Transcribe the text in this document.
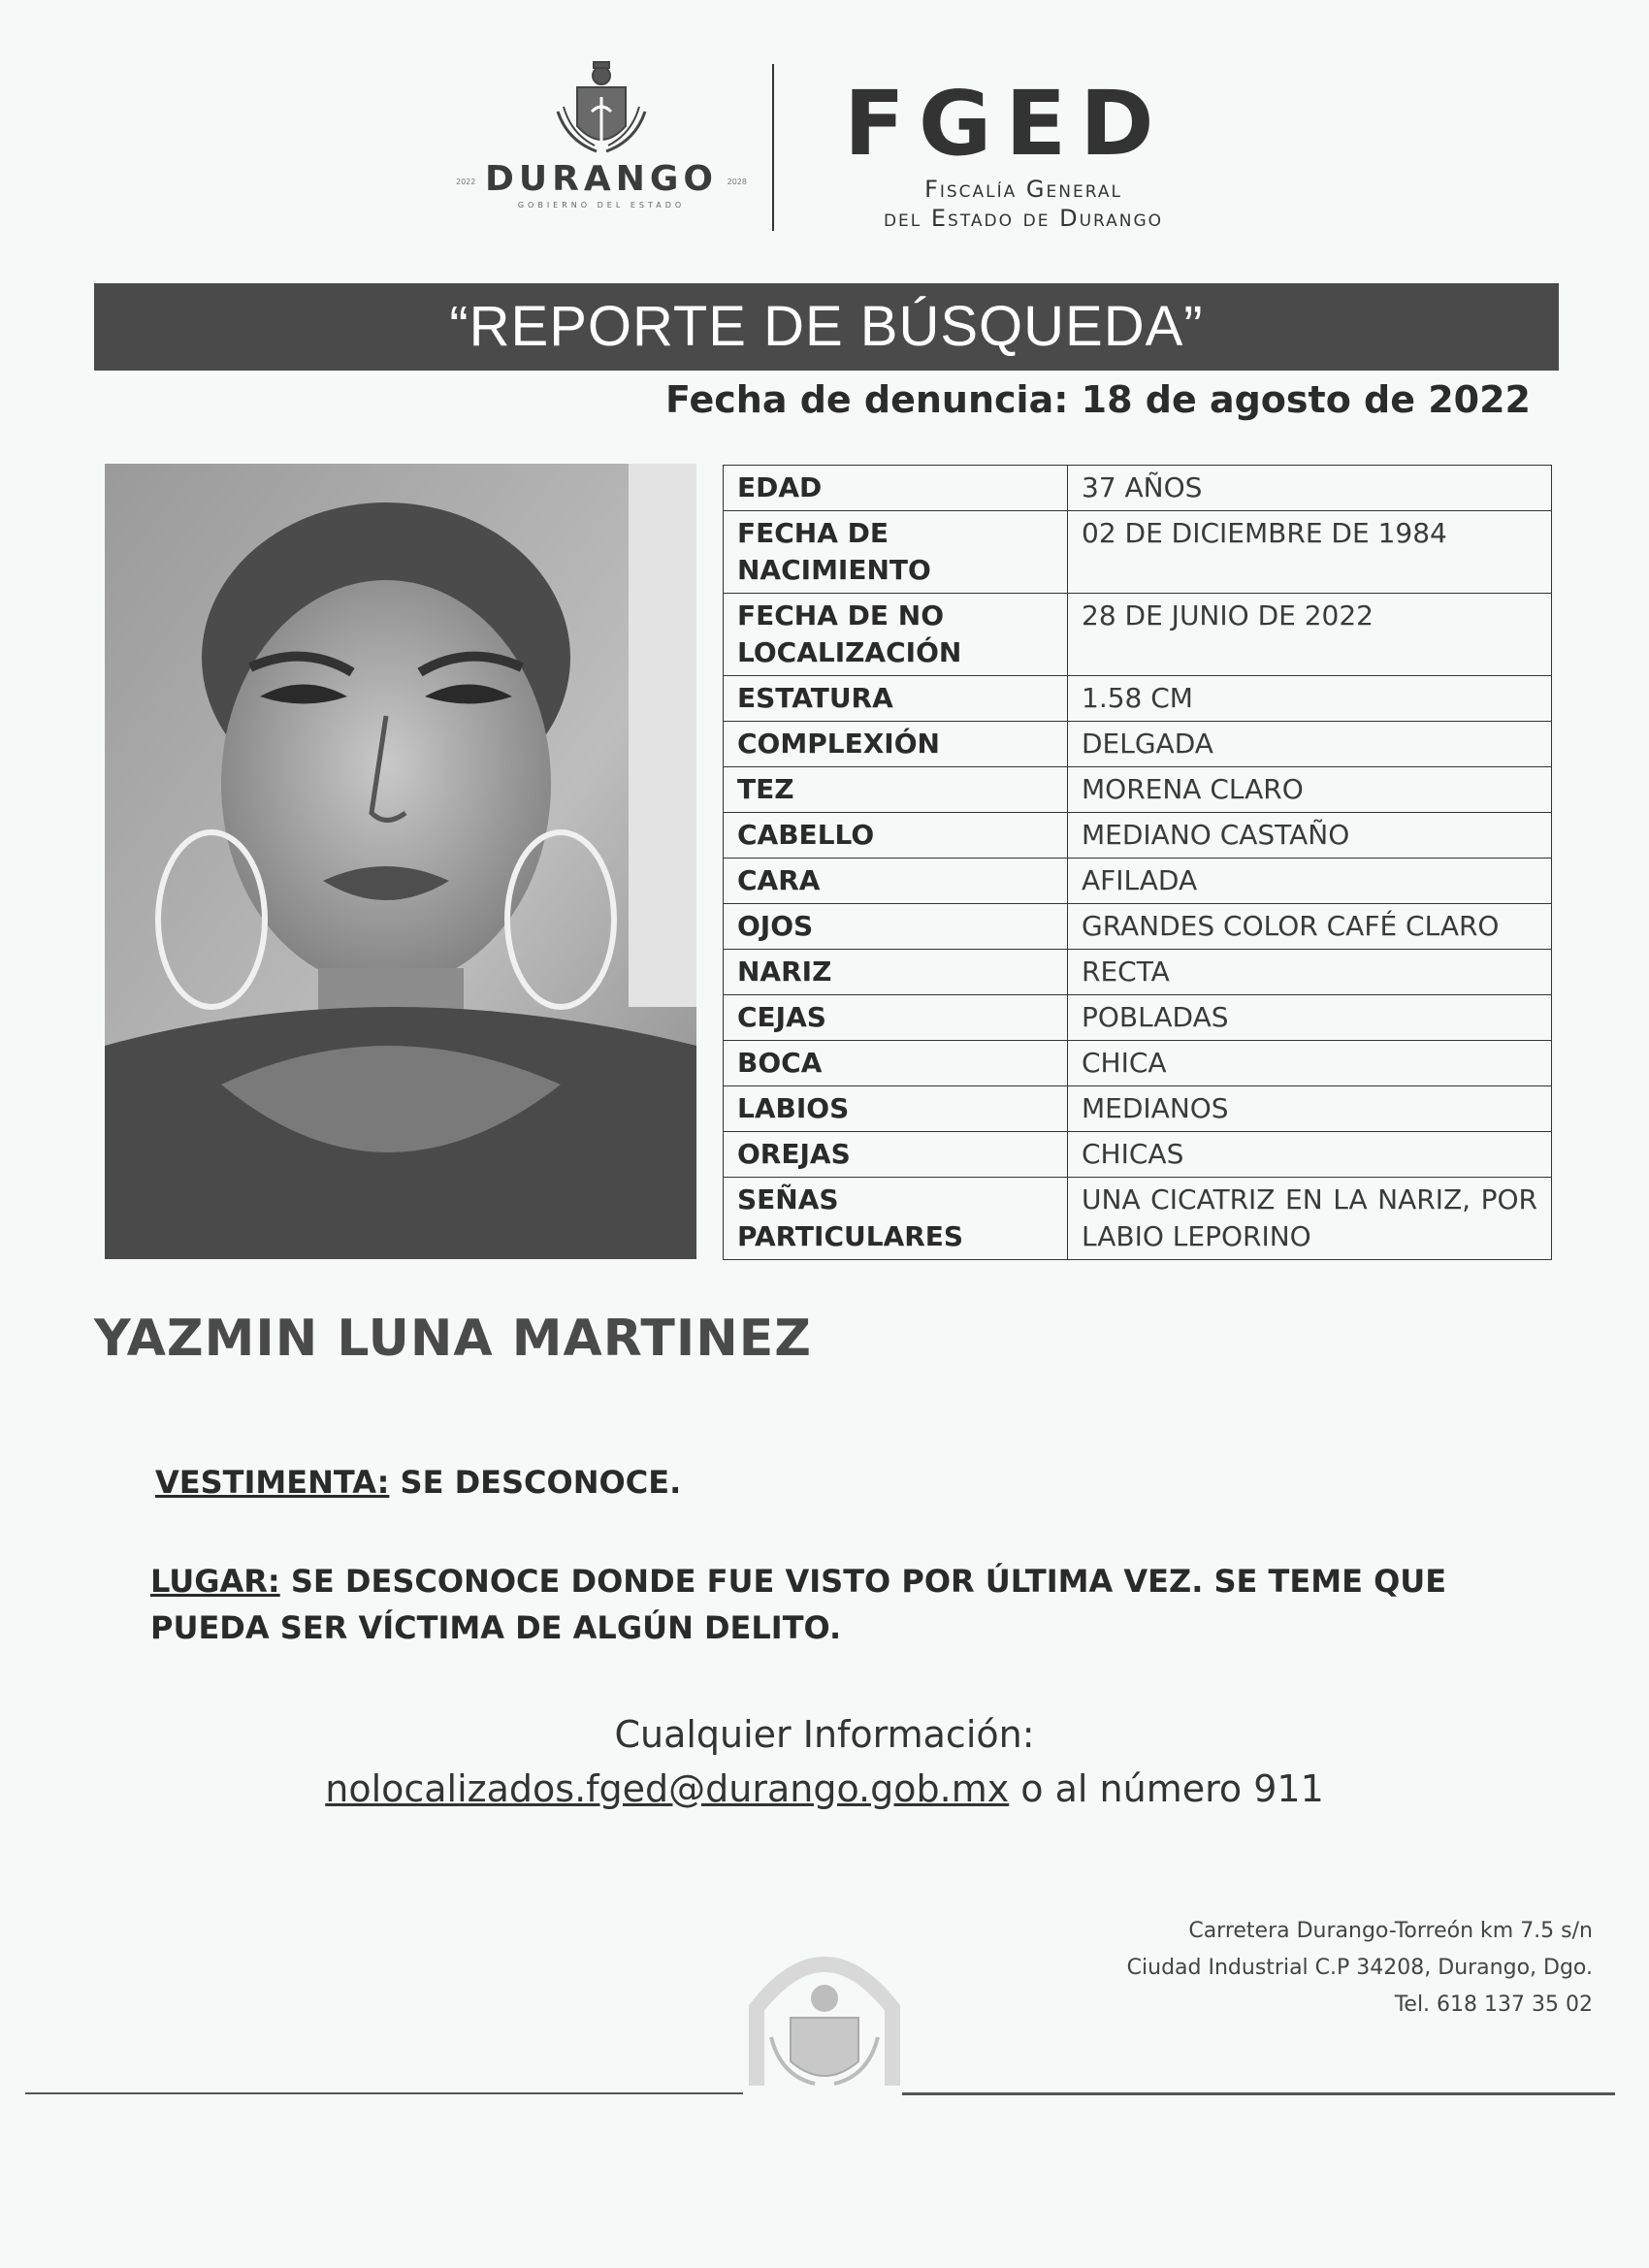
2022 DURANGO 2028
GOBIERNO DEL ESTADO
FGED
Fiscalía General
del Estado de Durango
“REPORTE DE BÚSQUEDA”
Fecha de denuncia: 18 de agosto de 2022
EDAD	37 AÑOS
FECHA DE NACIMIENTO	02 DE DICIEMBRE DE 1984
FECHA DE NO LOCALIZACIÓN	28 DE JUNIO DE 2022
ESTATURA	1.58 CM
COMPLEXIÓN	DELGADA
TEZ	MORENA CLARO
CABELLO	MEDIANO CASTAÑO
CARA	AFILADA
OJOS	GRANDES COLOR CAFÉ CLARO
NARIZ	RECTA
CEJAS	POBLADAS
BOCA	CHICA
LABIOS	MEDIANOS
OREJAS	CHICAS
SEÑAS PARTICULARES	UNA CICATRIZ EN LA NARIZ, POR LABIO LEPORINO
YAZMIN LUNA MARTINEZ
VESTIMENTA: SE DESCONOCE.
LUGAR: SE DESCONOCE DONDE FUE VISTO POR ÚLTIMA VEZ. SE TEME QUE PUEDA SER VÍCTIMA DE ALGÚN DELITO.
Cualquier Información:
nolocalizados.fged@durango.gob.mx o al número 911
Carretera Durango-Torreón km 7.5 s/n
Ciudad Industrial C.P 34208, Durango, Dgo.
Tel. 618 137 35 02
